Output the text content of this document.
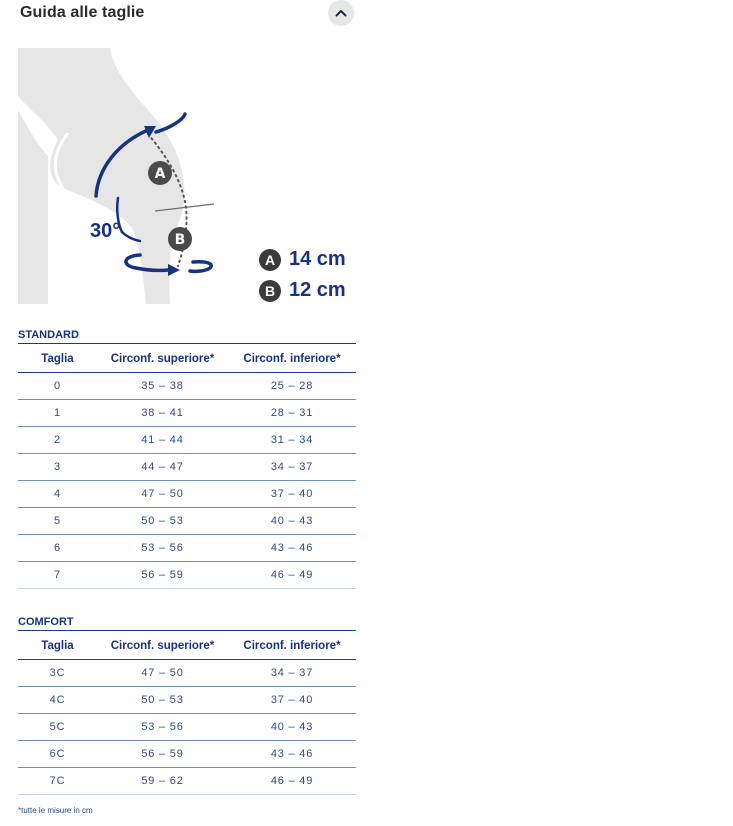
Guida alle taglie
A
B
30°
A 14 cm
B 12 cm
STANDARD
Taglia	Circonf. superiore*	Circonf. inferiore*
0	35 – 38	25 – 28
1	38 – 41	28 – 31
2	41 – 44	31 – 34
3	44 – 47	34 – 37
4	47 – 50	37 – 40
5	50 – 53	40 – 43
6	53 – 56	43 – 46
7	56 – 59	46 – 49
COMFORT
Taglia	Circonf. superiore*	Circonf. inferiore*
3C	47 – 50	34 – 37
4C	50 – 53	37 – 40
5C	53 – 56	40 – 43
6C	56 – 59	43 – 46
7C	59 – 62	46 – 49
*tutte le misure in cm
